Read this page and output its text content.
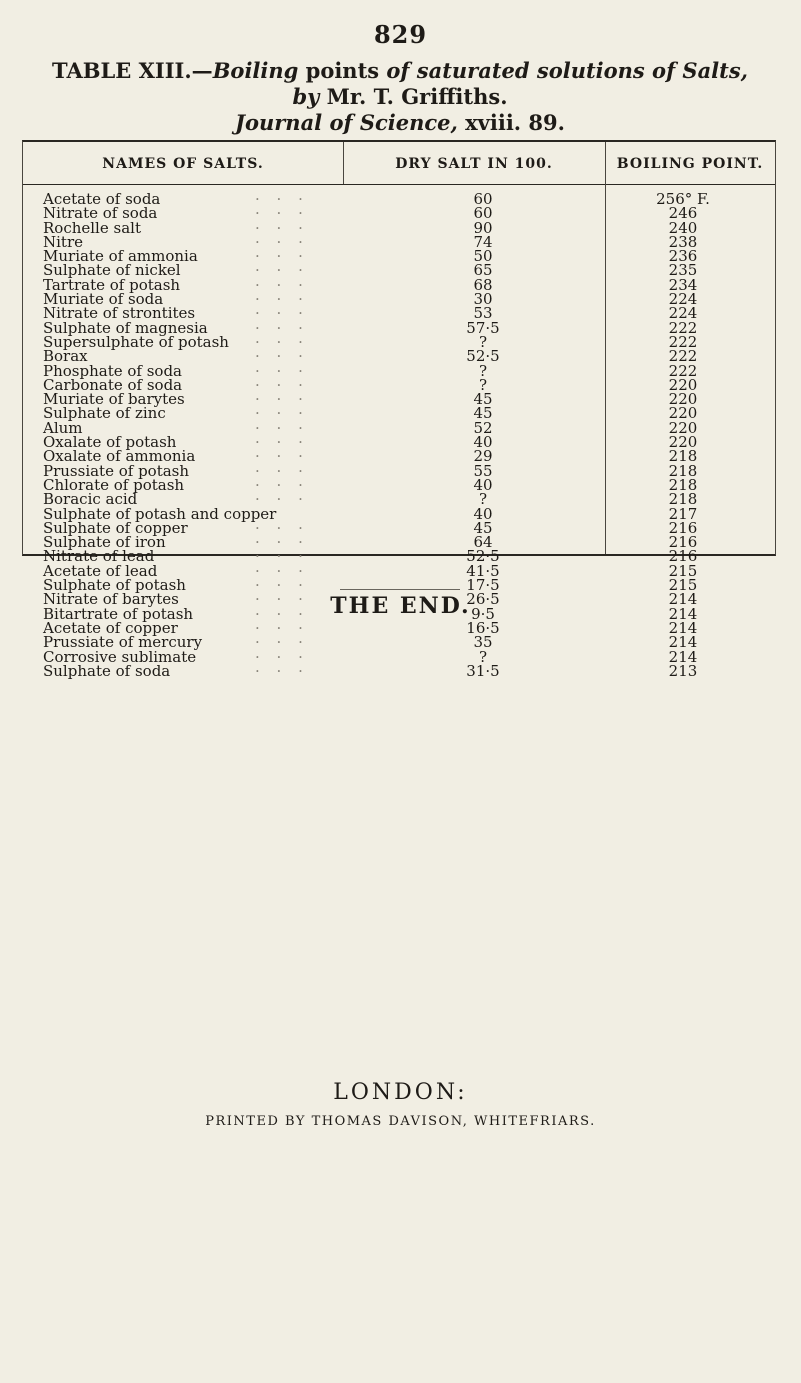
829
TABLE XIII.—Boiling points of saturated solutions of Salts, by Mr. T. Griffiths.
Journal of Science, xviii. 89.
NAMES OF SALTS.	DRY SALT IN 100.	BOILING POINT.
Acetate of soda	· · ·	60	256° F.
Nitrate of soda	· · ·	60	246
Rochelle salt	· · ·	90	240
Nitre	· · ·	74	238
Muriate of ammonia	· · ·	50	236
Sulphate of nickel	· · ·	65	235
Tartrate of potash	· · ·	68	234
Muriate of soda	· · ·	30	224
Nitrate of strontites	· · ·	53	224
Sulphate of magnesia	· · ·	57·5	222
Supersulphate of potash · · ·	?	222
Borax	· · ·	52·5	222
Phosphate of soda	· · ·	?	222
Carbonate of soda	· · ·	?	220
Muriate of barytes	· · ·	45	220
Sulphate of zinc	· · ·	45	220
Alum	· · ·	52	220
Oxalate of potash	· · ·	40	220
Oxalate of ammonia	· · ·	29	218
Prussiate of potash	· · ·	55	218
Chlorate of potash	· · ·	40	218
Boracic acid	· · ·	?	218
Sulphate of potash and copper	40	217
Sulphate of copper	· · ·	45	216
Sulphate of iron	· · ·	64	216
Nitrate of lead	· · ·	52·5	216
Acetate of lead	· · ·	41·5	215
Sulphate of potash	· · ·	17·5	215
Nitrate of barytes	· · ·	26·5	214
Bitartrate of potash	· · ·	9·5	214
Acetate of copper	· · ·	16·5	214
Prussiate of mercury	· · ·	35	214
Corrosive sublimate	· · ·	?	214
Sulphate of soda	· · ·	31·5	213
THE END.
LONDON:
PRINTED BY THOMAS DAVISON, WHITEFRIARS.
